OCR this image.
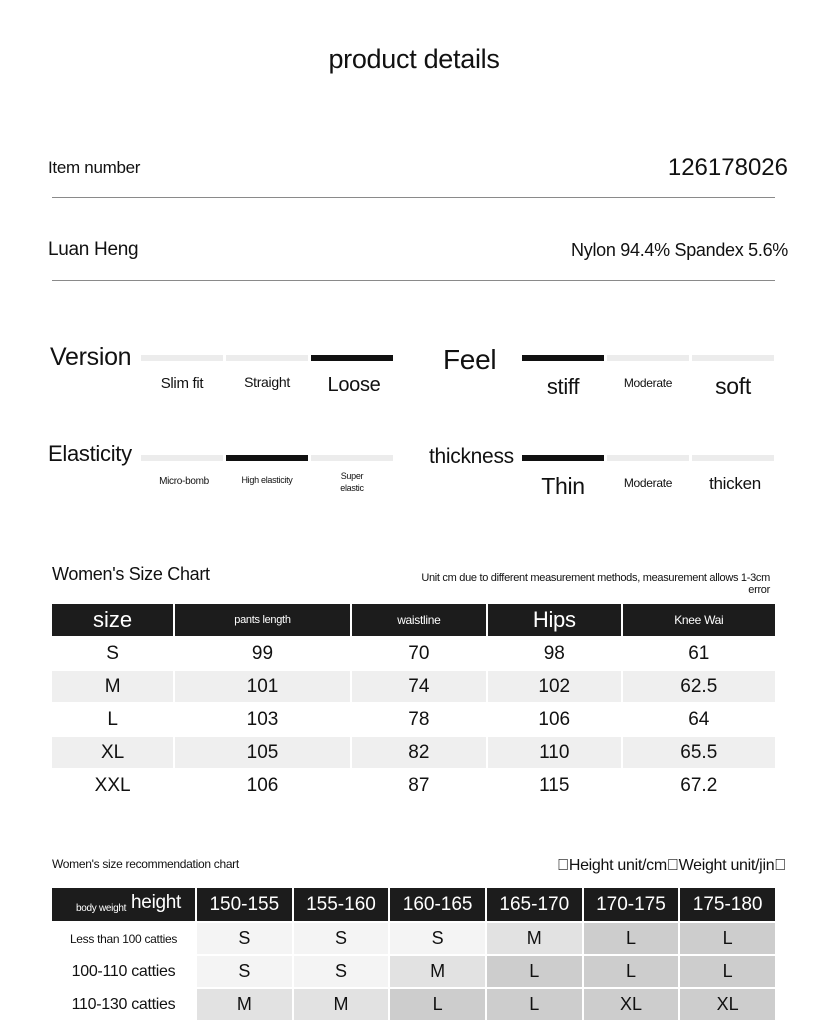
product details
Item number	126178026
Luan Heng	Nylon 94.4% Spandex 5.6%
Version
Slim fit	Straight	Loose
Feel
stiff	Moderate	soft
Elasticity
Micro-bomb	High elasticity	Super elastic
thickness
Thin	Moderate	thicken
Women's Size Chart	Unit cm due to different measurement methods, measurement allows 1-3cm error
size	pants length	waistline	Hips	Knee Wai
S	99	70	98	61
M	101	74	102	62.5
L	103	78	106	64
XL	105	82	110	65.5
XXL	106	87	115	67.2
Women's size recommendation chart	 Height unit/cm Weight unit/jin 
body weight height	150-155	155-160	160-165	165-170	170-175	175-180
Less than 100 catties	S	S	S	M	L	L
100-110 catties	S	S	M	L	L	L
110-130 catties	M	M	L	L	XL	XL
